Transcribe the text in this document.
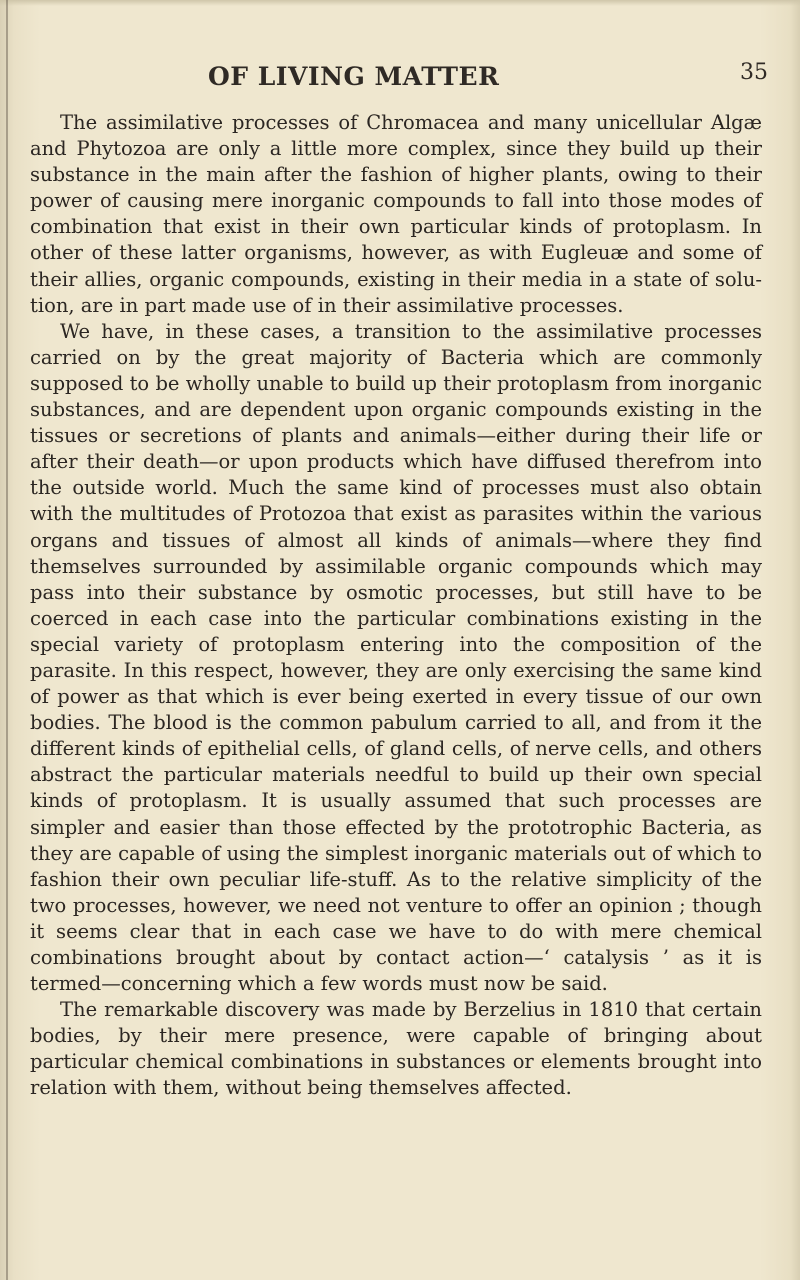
OF LIVING MATTER	35

The assimilative processes of Chromacea and many unicellular Algæ and Phytozoa are only a little more complex, since they build up their substance in the main after the fashion of higher plants, owing to their power of causing mere inorganic compounds to fall into those modes of combination that exist in their own particular kinds of protoplasm. In other of these latter organisms, however, as with Eugleuæ and some of their allies, organic compounds, existing in their media in a state of solution, are in part made use of in their assimilative processes.

We have, in these cases, a transition to the assimilative processes carried on by the great majority of Bacteria which are commonly supposed to be wholly unable to build up their protoplasm from inorganic substances, and are dependent upon organic compounds existing in the tissues or secretions of plants and animals—either during their life or after their death—or upon products which have diffused therefrom into the outside world. Much the same kind of processes must also obtain with the multitudes of Protozoa that exist as parasites within the various organs and tissues of almost all kinds of animals—where they find themselves surrounded by assimilable organic compounds which may pass into their substance by osmotic processes, but still have to be coerced in each case into the particular combinations existing in the special variety of protoplasm entering into the composition of the parasite. In this respect, however, they are only exercising the same kind of power as that which is ever being exerted in every tissue of our own bodies. The blood is the common pabulum carried to all, and from it the different kinds of epithelial cells, of gland cells, of nerve cells, and others abstract the particular materials needful to build up their own special kinds of protoplasm. It is usually assumed that such processes are simpler and easier than those effected by the prototrophic Bacteria, as they are capable of using the simplest inorganic materials out of which to fashion their own peculiar life-stuff. As to the relative simplicity of the two processes, however, we need not venture to offer an opinion ; though it seems clear that in each case we have to do with mere chemical combinations brought about by contact action—‘ catalysis ’ as it is termed—concerning which a few words must now be said.

The remarkable discovery was made by Berzelius in 1810 that certain bodies, by their mere presence, were capable of bringing about particular chemical combinations in substances or elements brought into relation with them, without being themselves affected.
